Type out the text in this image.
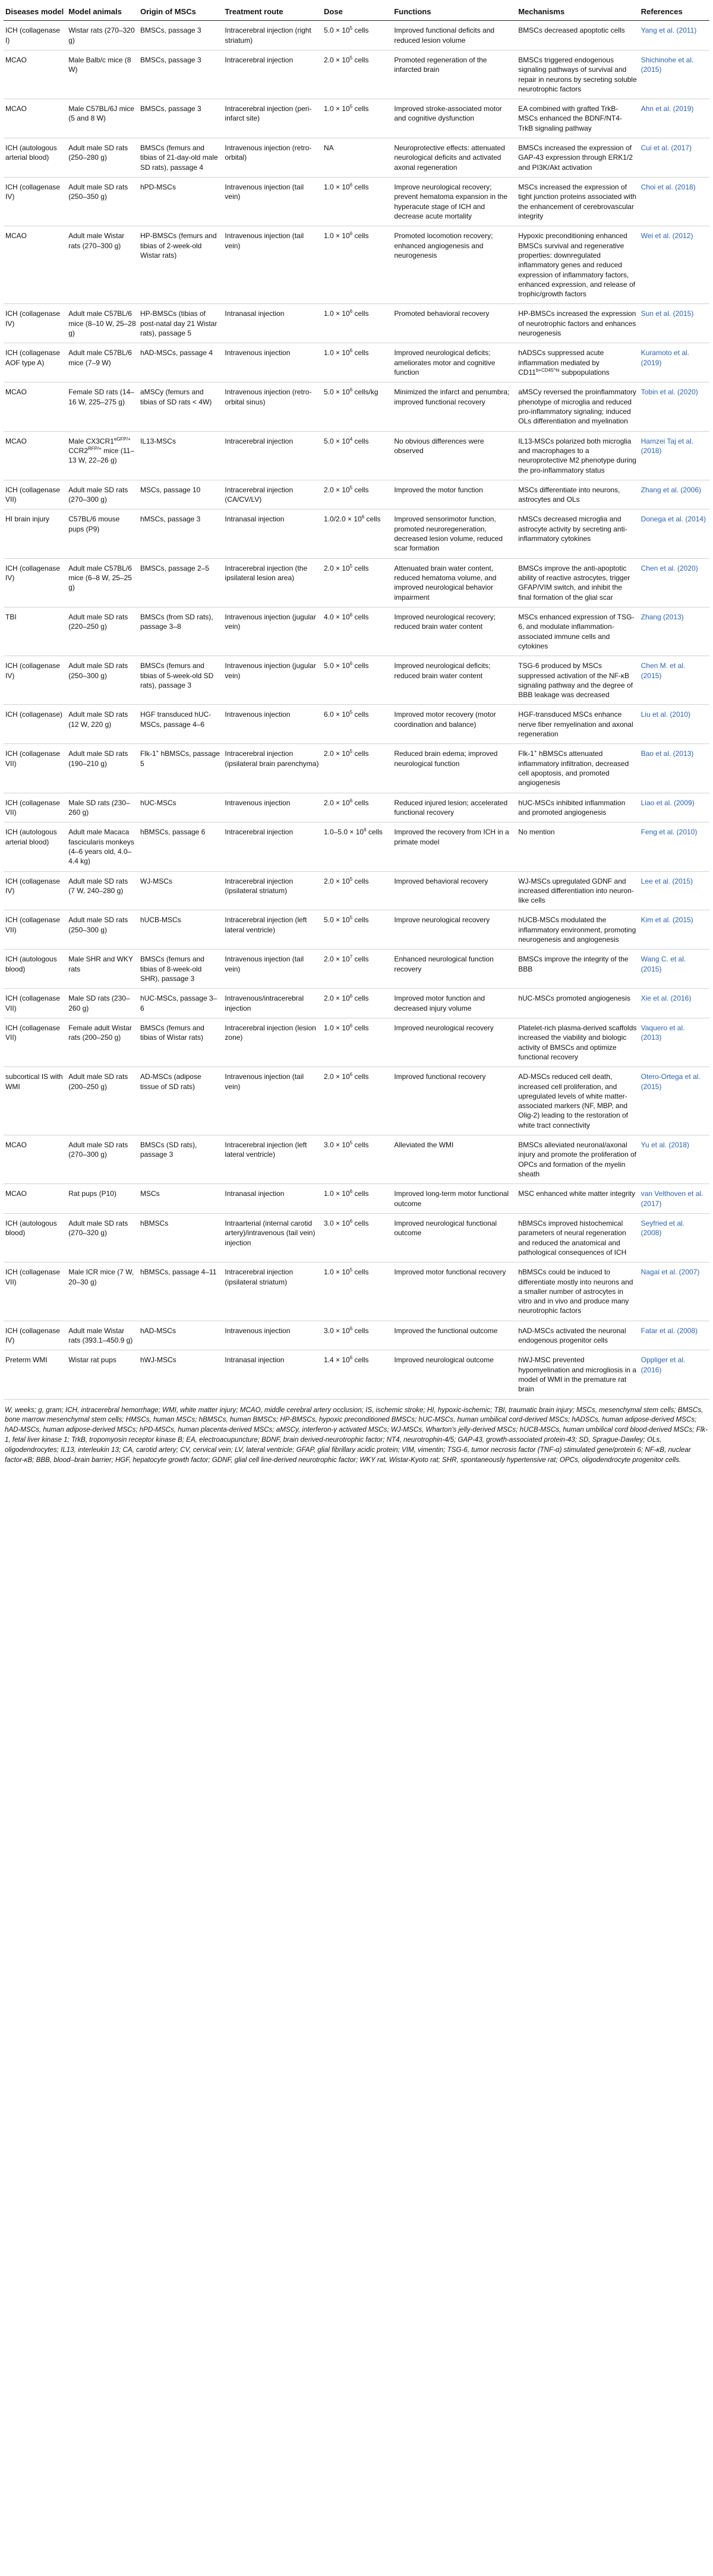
Diseases model	Model animals	Origin of MSCs	Treatment route	Dose	Functions	Mechanisms	References
ICH (collagenase I)	Wistar rats (270–320 g)	BMSCs, passage 3	Intracerebral injection (right striatum)	$5.0 \times 10^5$ cells	Improved functional deficits and reduced lesion volume	BMSCs decreased apoptotic cells	Yang et al. (2011)
MCAO	Male Balb/c mice (8 W)	BMSCs, passage 3	Intracerebral injection	$2.0 \times 10^5$ cells	Promoted regeneration of the infarcted brain	BMSCs triggered endogenous signaling pathways of survival and repair in neurons by secreting soluble neurotrophic factors	Shichinohe et al. (2015)
MCAO	Male C57BL/6J mice (5 and 8 W)	BMSCs, passage 3	Intracerebral injection (peri-infarct site)	$1.0 \times 10^5$ cells	Improved stroke-associated motor and cognitive dysfunction	EA combined with grafted TrkB-MSCs enhanced the BDNF/NT4-TrkB signaling pathway	Ahn et al. (2019)
ICH (autologous arterial blood)	Adult male SD rats (250–280 g)	BMSCs (femurs and tibias of 21-day-old male SD rats), passage 4	Intravenous injection (retro-orbital)	NA	Neuroprotective effects: attenuated neurological deficits and activated axonal regeneration	BMSCs increased the expression of GAP-43 expression through ERK1/2 and PI3K/Akt activation	Cui et al. (2017)
ICH (collagenase IV)	Adult male SD rats (250–350 g)	hPD-MSCs	Intravenous injection (tail vein)	$1.0 \times 10^6$ cells	Improve neurological recovery; prevent hematoma expansion in the hyperacute stage of ICH and decrease acute mortality	MSCs increased the expression of tight junction proteins associated with the enhancement of cerebrovascular integrity	Choi et al. (2018)
MCAO	Adult male Wistar rats (270–300 g)	HP-BMSCs (femurs and tibias of 2-week-old Wistar rats)	Intravenous injection (tail vein)	$1.0 \times 10^6$ cells	Promoted locomotion recovery; enhanced angiogenesis and neurogenesis	Hypoxic preconditioning enhanced BMSCs survival and regenerative properties: downregulated inflammatory genes and reduced expression of inflammatory factors, enhanced expression, and release of trophic/growth factors	Wei et al. (2012)
ICH (collagenase IV)	Adult male C57BL/6 mice (8–10 W, 25–28 g)	HP-BMSCs (tibias of post-natal day 21 Wistar rats), passage 5	Intranasal injection	$1.0 \times 10^6$ cells	Promoted behavioral recovery	HP-BMSCs increased the expression of neurotrophic factors and enhances neurogenesis	Sun et al. (2015)
ICH (collagenase AOF type A)	Adult male C57BL/6 mice (7–9 W)	hAD-MSCs, passage 4	Intravenous injection	$1.0 \times 10^6$ cells	Improved neurological deficits; ameliorates motor and cognitive function	hADSCs suppressed acute inflammation mediated by $CD11^{b+CD45\^{}hi}$ subpopulations	Kuramoto et al. (2019)
MCAO	Female SD rats (14–16 W, 225–275 g)	aMSCy (femurs and tibias of SD rats < 4W)	Intravenous injection (retro-orbital sinus)	$5.0 \times 10^6$ cells/kg	Minimized the infarct and penumbra; improved functional recovery	aMSCy reversed the proinflammatory phenotype of microglia and reduced pro-inflammatory signaling; induced OLs differentiation and myelination	Tobin et al. (2020)
MCAO	Male $CX3CR1^{eGFP/+}$ $CCR2^{RFP/+}$ mice (11–13 W, 22–26 g)	IL13-MSCs	Intracerebral injection	$5.0 \times 10^4$ cells	No obvious differences were observed	IL13-MSCs polarized both microglia and macrophages to a neuroprotective M2 phenotype during the pro-inflammatory status	Hamzei Taj et al. (2018)
ICH (collagenase VII)	Adult male SD rats (270–300 g)	MSCs, passage 10	Intracerebral injection (CA/CV/LV)	$2.0 \times 10^5$ cells	Improved the motor function	MSCs differentiate into neurons, astrocytes and OLs	Zhang et al. (2006)
HI brain injury	C57BL/6 mouse pups (P9)	hMSCs, passage 3	Intranasal injection	$1.0/2.0 \times 10^6$ cells	Improved sensorimotor function, promoted neuroregeneration, decreased lesion volume, reduced scar formation	hMSCs decreased microglia and astrocyte activity by secreting anti-inflammatory cytokines	Donega et al. (2014)
ICH (collagenase IV)	Adult male C57BL/6 mice (6–8 W, 25–25 g)	BMSCs, passage 2–5	Intracerebral injection (the ipsilateral lesion area)	$2.0 \times 10^5$ cells	Attenuated brain water content, reduced hematoma volume, and improved neurological behavior impairment	BMSCs improve the anti-apoptotic ability of reactive astrocytes, trigger GFAP/VIM switch, and inhibit the final formation of the glial scar	Chen et al. (2020)
TBI	Adult male SD rats (220–250 g)	BMSCs (from SD rats), passage 3–8	Intravenous injection (jugular vein)	$4.0 \times 10^6$ cells	Improved neurological recovery; reduced brain water content	MSCs enhanced expression of TSG-6, and modulate inflammation-associated immune cells and cytokines	Zhang (2013)
ICH (collagenase IV)	Adult male SD rats (250–300 g)	BMSCs (femurs and tibias of 5-week-old SD rats), passage 3	Intravenous injection (jugular vein)	$5.0 \times 10^6$ cells	Improved neurological deficits; reduced brain water content	TSG-6 produced by MSCs suppressed activation of the NF-κB signaling pathway and the degree of BBB leakage was decreased	Chen M. et al. (2015)
ICH (collagenase)	Adult male SD rats (12 W, 220 g)	HGF transduced hUC-MSCs, passage 4–6	Intravenous injection	$6.0 \times 10^5$ cells	Improved motor recovery (motor coordination and balance)	HGF-transduced MSCs enhance nerve fiber remyelination and axonal regeneration	Liu et al. (2010)
ICH (collagenase VII)	Adult male SD rats (190–210 g)	Flk-1+ hBMSCs, passage 5	Intracerebral injection (ipsilateral brain parenchyma)	$2.0 \times 10^5$ cells	Reduced brain edema; improved neurological function	Flk-1+ hBMSCs attenuated inflammatory infiltration, decreased cell apoptosis, and promoted angiogenesis	Bao et al. (2013)
ICH (collagenase VII)	Male SD rats (230–260 g)	hUC-MSCs	Intravenous injection	$2.0 \times 10^6$ cells	Reduced injured lesion; accelerated functional recovery	hUC-MSCs inhibited inflammation and promoted angiogenesis	Liao et al. (2009)
ICH (autologous arterial blood)	Adult male Macaca fascicularis monkeys (4–6 years old, 4.0–4.4 kg)	hBMSCs, passage 6	Intracerebral injection	$1.0-5.0 \times 10^6$ cells	Improved the recovery from ICH in a primate model	No mention	Feng et al. (2010)
ICH (collagenase IV)	Adult male SD rats (7 W, 240–280 g)	WJ-MSCs	Intracerebral injection (ipsilateral striatum)	$2.0 \times 10^5$ cells	Improved behavioral recovery	WJ-MSCs upregulated GDNF and increased differentiation into neuron-like cells	Lee et al. (2015)
ICH (collagenase VII)	Adult male SD rats (250–300 g)	hUCB-MSCs	Intracerebral injection (left lateral ventricle)	$5.0 \times 10^5$ cells	Improve neurological recovery	hUCB-MSCs modulated the inflammatory environment, promoting neurogenesis and angiogenesis	Kim et al. (2015)
ICH (autologous blood)	Male SHR and WKY rats	BMSCs (femurs and tibias of 8-week-old SHR), passage 3	Intravenous injection (tail vein)	$2.0 \times 10^7$ cells	Enhanced neurological function recovery	BMSCs improve the integrity of the BBB	Wang C. et al. (2015)
ICH (collagenase VII)	Male SD rats (230–260 g)	hUC-MSCs, passage 3–6	Intravenous/intracerebral injection	$2.0 \times 10^6$ cells	Improved motor function and decreased injury volume	hUC-MSCs promoted angiogenesis	Xie et al. (2016)
ICH (collagenase VII)	Female adult Wistar rats (200–250 g)	BMSCs (femurs and tibias of Wistar rats)	Intracerebral injection (lesion zone)	$1.0 \times 10^6$ cells	Improved neurological recovery	Platelet-rich plasma-derived scaffolds increased the viability and biologic activity of BMSCs and optimize functional recovery	Vaquero et al. (2013)
subcortical IS with WMI	Adult male SD rats (200–250 g)	AD-MSCs (adipose tissue of SD rats)	Intravenous injection (tail vein)	$2.0 \times 10^6$ cells	Improved functional recovery	AD-MSCs reduced cell death, increased cell proliferation, and upregulated levels of white matter-associated markers (NF, MBP, and Olig-2) leading to the restoration of white tract connectivity	Otero-Ortega et al. (2015)
MCAO	Adult male SD rats (270–300 g)	BMSCs (SD rats), passage 3	Intracerebral injection (left lateral ventricle)	$3.0 \times 10^5$ cells	Alleviated the WMI	BMSCs alleviated neuronal/axonal injury and promote the proliferation of OPCs and formation of the myelin sheath	Yu et al. (2018)
MCAO	Rat pups (P10)	MSCs	Intranasal injection	$1.0 \times 10^6$ cells	Improved long-term motor functional outcome	MSC enhanced white matter integrity	van Velthoven et al. (2017)
ICH (autologous blood)	Adult male SD rats (270–320 g)	hBMSCs	Intraarterial (internal carotid artery)/intravenous (tail vein) injection	$3.0 \times 10^6$ cells	Improved neurological functional outcome	hBMSCs improved histochemical parameters of neural regeneration and reduced the anatomical and pathological consequences of ICH	Seyfried et al. (2008)
ICH (collagenase VII)	Male ICR mice (7 W, 20–30 g)	hBMSCs, passage 4–11	Intracerebral injection (ipsilateral striatum)	$1.0 \times 10^5$ cells	Improved motor functional recovery	hBMSCs could be induced to differentiate mostly into neurons and a smaller number of astrocytes in vitro and in vivo and produce many neurotrophic factors	Nagai et al. (2007)
ICH (collagenase IV)	Adult male Wistar rats (393.1–450.9 g)	hAD-MSCs	Intravenous injection	$3.0 \times 10^6$ cells	Improved the functional outcome	hAD-MSCs activated the neuronal endogenous progenitor cells	Fatar et al. (2008)
Preterm WMI	Wistar rat pups	hWJ-MSCs	Intranasal injection	$1.4 \times 10^6$ cells	Improved neurological outcome	hWJ-MSC prevented hypomyelination and microgliosis in a model of WMI in the premature rat brain	Oppliger et al. (2016)
W, weeks; g, gram; ICH, intracerebral hemorrhage; WMI, white matter injury; MCAO, middle cerebral artery occlusion; IS, ischemic stroke; HI, hypoxic-ischemic; TBI, traumatic brain injury; MSCs, mesenchymal stem cells; BMSCs, bone marrow mesenchymal stem cells; HMSCs, human MSCs; hBMSCs, human BMSCs; HP-BMSCs, hypoxic preconditioned BMSCs; hUC-MSCs, human umbilical cord-derived MSCs; hADSCs, human adipose-derived MSCs; hAD-MSCs, human adipose-derived MSCs; hPD-MSCs, human placenta-derived MSCs; aMSCy, interferon-γ activated MSCs; WJ-MSCs, Wharton's jelly-derived MSCs; hUCB-MSCs, human umbilical cord blood-derived MSCs; Flk-1, fetal liver kinase 1; TrkB, tropomyosin receptor kinase B; EA, electroacupuncture; BDNF, brain derived-neurotrophic factor; NT4, neurotrophin-4/5; GAP-43, growth-associated protein-43; SD, Sprague-Dawley; OLs, oligodendrocytes; IL13, interleukin 13; CA, carotid artery; CV, cervical vein; LV, lateral ventricle; GFAP, glial fibrillary acidic protein; VIM, vimentin; TSG-6, tumor necrosis factor (TNF-α) stimulated gene/protein 6; NF-κB, nuclear factor-κB; BBB, blood–brain barrier; HGF, hepatocyte growth factor; GDNF, glial cell line-derived neurotrophic factor; WKY rat, Wistar-Kyoto rat; SHR, spontaneously hypertensive rat; OPCs, oligodendrocyte progenitor cells.
